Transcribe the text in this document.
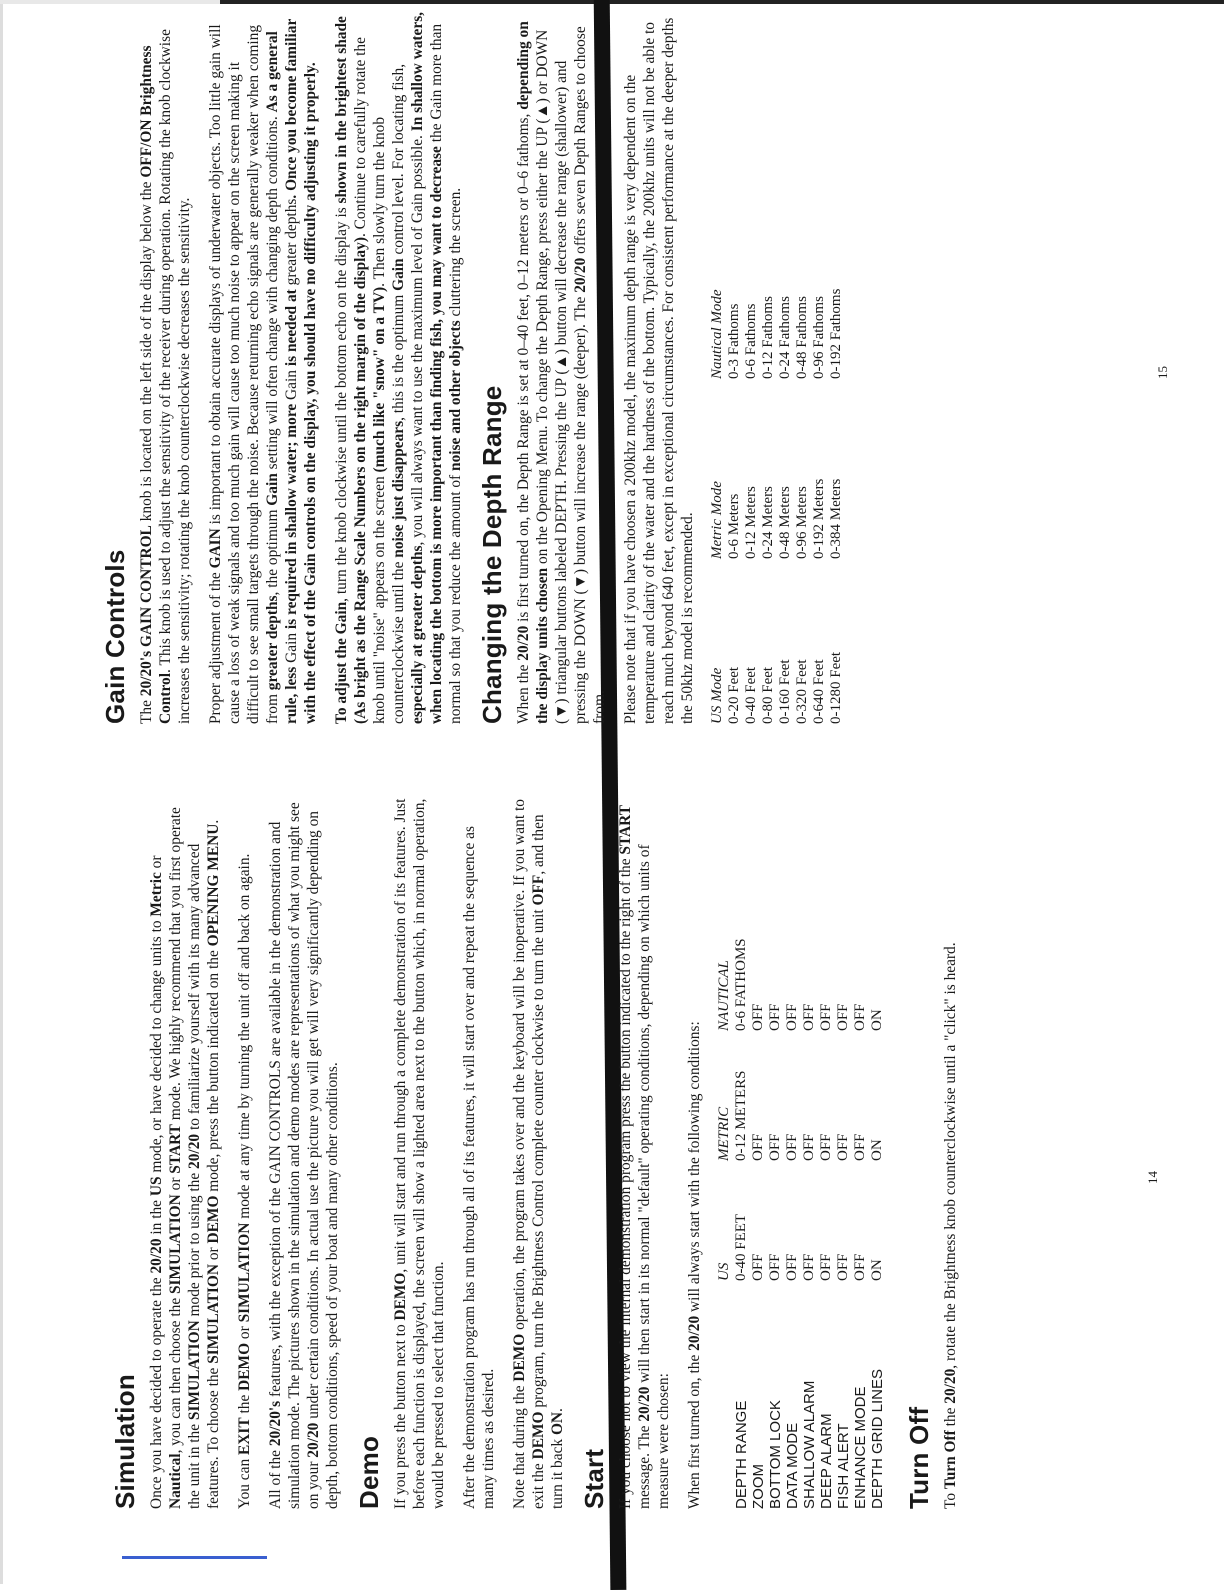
Simulation Once you have decided to operate the 20/20 in the US mode, or have decided to change units to Metric or Nautical, you can then choose the SIMULATION or START mode. We highly recommend that you first operate the unit in the SIMULATION mode prior to using the 20/20 to familiarize yourself with its many advanced features. To choose the SIMULATION or DEMO mode, press the button indicated on the OPENING MENU.

You can EXIT the DEMO or SIMULATION mode at any time by turning the unit off and back on again.

All of the 20/20's features, with the exception of the GAIN CONTROLS are available in the demonstration and simulation mode. The pictures shown in the simulation and demo modes are representations of what you might see on your 20/20 under certain conditions. In actual use the picture you will get will very significantly depending on depth, bottom conditions, speed of your boat and many other conditions. Demo If you press the button next to DEMO, unit will start and run through a complete demonstration of its features. Just before each function is displayed, the screen will show a lighted area next to the button which, in normal operation, would be pressed to select that function. After the demonstration program has run through all of its features, it will start over and repeat the sequence as many times as desired. Note that during the DEMO operation, the program takes over and the keyboard will be inoperative. If you want to exit the DEMO program, turn the Brightness Control complete counter clockwise to turn the unit OFF, and then turn it back ON.

Start If you choose not to view the internal demonstration program press the button indicated to the right of the START message. The 20/20 will then start in its normal "default" operating conditions, depending on which units of measure were chosen: When first turned on, the 20/20 will always start with the following conditions: US
METRIC
NAUTICAL
DEPTH RANGE
0-40 FEET
0-12 METERS
0-6 FATHOMS
ZOOM
OFF
OFF
OFF
BOTTOM LOCK
OFF
OFF
OFF
DATA MODE
OFF
OFF
OFF
SHALLOW ALARM
OFF
OFF
OFF
DEEP ALARM
OFF
OFF
OFF
FISH ALERT
OFF
OFF
OFF
ENHANCE MODE
OFF
OFF
OFF
DEPTH GRID LINES
ON
ON
ON
Turn Off To Turn Off the 20/20, rotate the Brightness knob counterclockwise until a "click" is heard.	14
Gain Controls The 20/20's GAIN CONTROL knob is located on the left side of the display below the OFF/ON Brightness Control. This knob is used to adjust the sensitivity of the receiver during operation. Rotating the knob clockwise increases the sensitivity; rotating the knob counterclockwise decreases the sensitivity. Proper adjustment of the GAIN is important to obtain accurate displays of underwater objects. Too little gain will cause a loss of weak signals and too much gain will cause too much noise to appear on the screen making it difficult to see small targets through the noise. Because returning echo signals are generally weaker when coming from greater depths, the optimum Gain setting will often change with changing depth conditions. As a general rule, less Gain is required in shallow water; more Gain is needed at greater depths. Once you become familiar with the effect of the Gain controls on the display, you should have no difficulty adjusting it properly. To adjust the Gain, turn the knob clockwise until the bottom echo on the display is shown in the brightest shade (As bright as the Range Scale Numbers on the right margin of the display). Continue to carefully rotate the knob until "noise" appears on the screen (much like "snow" on a TV). Then slowly turn the knob counterclockwise until the noise just disappears, this is the optimum Gain control level. For locating fish, especially at greater depths, you will always want to use the maximum level of Gain possible. In shallow waters, when locating the bottom is more important than finding fish, you may want to decrease the Gain more than normal so that you reduce the amount of noise and other objects cluttering the screen.

Changing the Depth Range When the 20/20 is first turned on, the Depth Range is set at 0–40 feet, 0–12 meters or 0–6 fathoms, depending on the display units chosen on the Opening Menu. To change the Depth Range, press either the UP (▲) or DOWN (▼) triangular buttons labeled DEPTH. Pressing the UP (▲) button will decrease the range (shallower) and pressing the DOWN (▼) button will increase the range (deeper). The 20/20 offers seven Depth Ranges to choose from. Please note that if you have choosen a 200khz model, the maximum depth range is very dependent on the temperature and clarity of the water and the hardness of the bottom. Typically, the 200khz units will not be able to reach much beyond 640 feet, except in exceptional circumstances. For consistent performance at the deeper depths the 50khz model is recommended. US Mode
Metric Mode
Nautical Mode
0-20 Feet
0-6 Meters
0-3 Fathoms
0-40 Feet
0-12 Meters
0-6 Fathoms
0-80 Feet
0-24 Meters
0-12 Fathoms
0-160 Feet
0-48 Meters
0-24 Fathoms
0-320 Feet
0-96 Meters
0-48 Fathoms
0-640 Feet
0-192 Meters
0-96 Fathoms
0-1280 Feet
0-384 Meters
0-192 Fathoms	15
